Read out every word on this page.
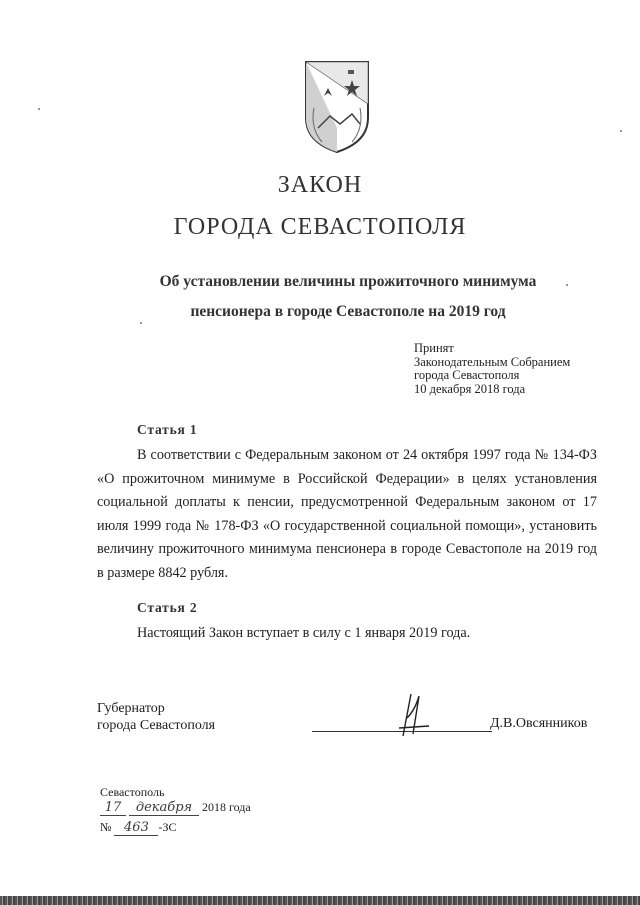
ЗАКОН
ГОРОДА СЕВАСТОПОЛЯ
Об установлении величины прожиточного минимума
пенсионера в городе Севастополе на 2019 год
Принят
Законодательным Собранием
города Севастополя
10 декабря 2018 года
Статья 1
В соответствии с Федеральным законом от 24 октября 1997 года № 134-ФЗ «О прожиточном минимуме в Российской Федерации» в целях установления социальной доплаты к пенсии, предусмотренной Федеральным законом от 17 июля 1999 года № 178-ФЗ «О государственной социальной помощи», установить величину прожиточного минимума пенсионера в городе Севастополе на 2019 год в размере 8842 рубля.
Статья 2
Настоящий Закон вступает в силу с 1 января 2019 года.
Губернатор
города Севастополя	Д.В.Овсянников
Севастополь
17 декабря 2018 года
№ 463 -ЗС
